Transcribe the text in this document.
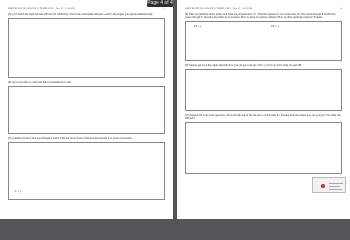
BSKYMATH QUADRATICS TEMPLATE 1, Nov 21, 11:26 PM	3
(5) (a) Z sketch the angle between AB and CD. Intuitively, what is the relationship between a and b? Investigate your guess mathematically.
(6) Use dot product to verify that AB is perpendicular to AD.
(7) Consider the line L that goes through A and E. Find the vector form of line that and describe it as proper an solution.
L = {
Page 4 of 4
BSKYMATH QUADRATICS TEMPLATE 1, Nov 21, 11:26 PM	4
(8) There are infinitely many planes in R3 that are perpendicular to L. Find the equation of two such planes: P1 that passes through A and P2 that passes through Z. Describe the planes in set notation. How do these two planes compare? How do their equations compare? Explain.
P1 = {	P2 = {
(9) Suppose get art at the origin. Describe how you can get to the tip of M = (1/2,3,1/2) on P1 using OA and OB.
(10) Suppose M' is the point opposite to M on the flip side of the red piece, on the plane P1. Starting from the origin, how can you get to M' using OA, OB and ?
